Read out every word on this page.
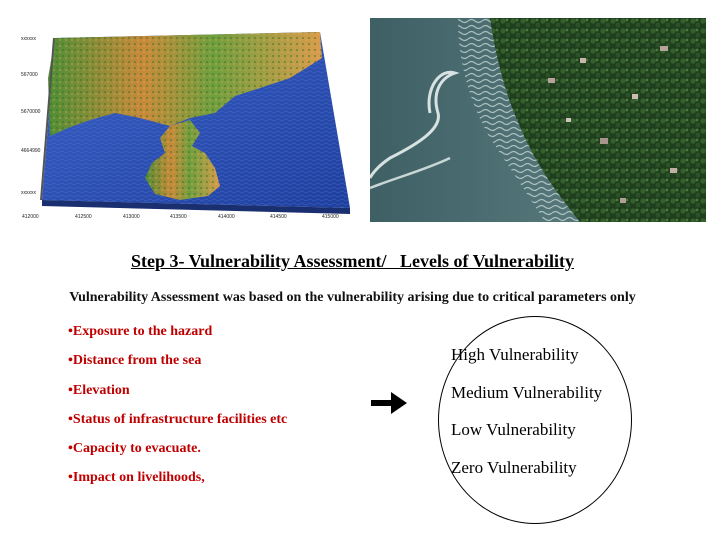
xxxxxx
567000
5670000
4664990
xxxxxx
412000	412500	413000	413500	414000	414500	415000
Step 3- Vulnerability Assessment/   Levels of Vulnerability
Vulnerability Assessment was based on the vulnerability arising due to critical parameters only
•Exposure to the hazard
•Distance from the sea
•Elevation
•Status of infrastructure facilities etc
•Capacity to evacuate.
•Impact on livelihoods,
High Vulnerability
Medium Vulnerability
Low Vulnerability
Zero Vulnerability
